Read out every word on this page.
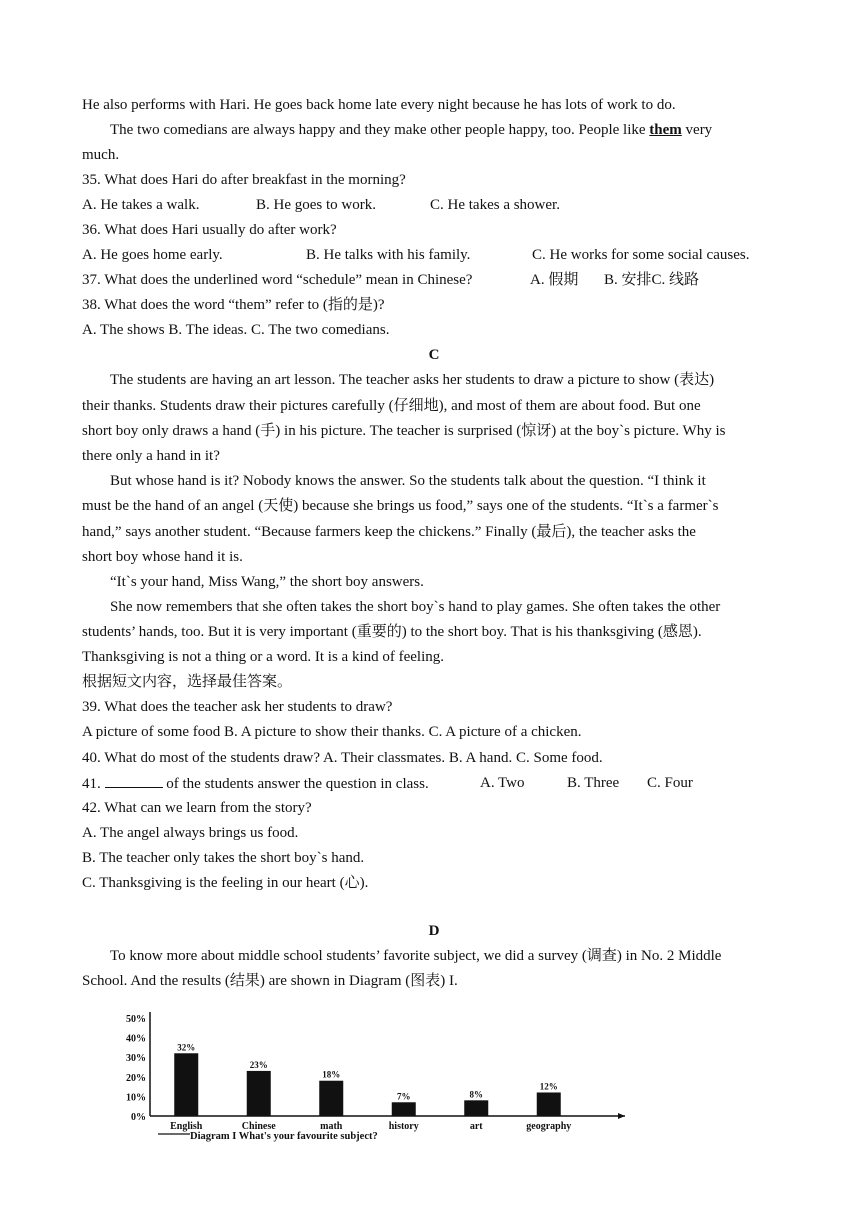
He also performs with Hari. He goes back home late every night because he has lots of work to do.
The two comedians are always happy and they make other people happy, too. People like them very
much.
35. What does Hari do after breakfast in the morning?
A. He takes a walk.	B. He goes to work.	C. He takes a shower.
36. What does Hari usually do after work?
A. He goes home early.	B. He talks with his family.	C. He works for some social causes.
37. What does the underlined word “schedule” mean in Chinese?	A. 假期 B. 安排C. 线路
38. What does the word “them” refer to (指的是)?
A. The shows B. The ideas. C. The two comedians.
C
The students are having an art lesson. The teacher asks her students to draw a picture to show (表达)
their thanks. Students draw their pictures carefully (仔细地), and most of them are about food. But one
short boy only draws a hand (手) in his picture. The teacher is surprised (惊讶) at the boy`s picture. Why is
there only a hand in it?
But whose hand is it? Nobody knows the answer. So the students talk about the question. “I think it
must be the hand of an angel (天使) because she brings us food,” says one of the students. “It`s a farmer`s
hand,” says another student. “Because farmers keep the chickens.” Finally (最后), the teacher asks the
short boy whose hand it is.
“It`s your hand, Miss Wang,” the short boy answers.
She now remembers that she often takes the short boy`s hand to play games. She often takes the other
students’ hands, too. But it is very important (重要的) to the short boy. That is his thanksgiving (感恩).
Thanksgiving is not a thing or a word. It is a kind of feeling.
根据短文内容，选择最佳答案。
39. What does the teacher ask her students to draw?
A picture of some food B. A picture to show their thanks. C. A picture of a chicken.
40. What do most of the students draw? A. Their classmates. B. A hand. C. Some food.
41.	of the students answer the question in class.	A. Two	B. Three C. Four
42. What can we learn from the story?
A. The angel always brings us food.
B. The teacher only takes the short boy`s hand.
C. Thanksgiving is the feeling in our heart (心).
D
To know more about middle school students’ favorite subject, we did a survey (调查) in No. 2 Middle
School. And the results (结果) are shown in Diagram (图表) I.
0%
10%
20%
30%
40%
50%
32%
English
23%
Chinese
18%
math
7%
history
8%
art
12%
geography
Diagram I What's your favourite subject?
